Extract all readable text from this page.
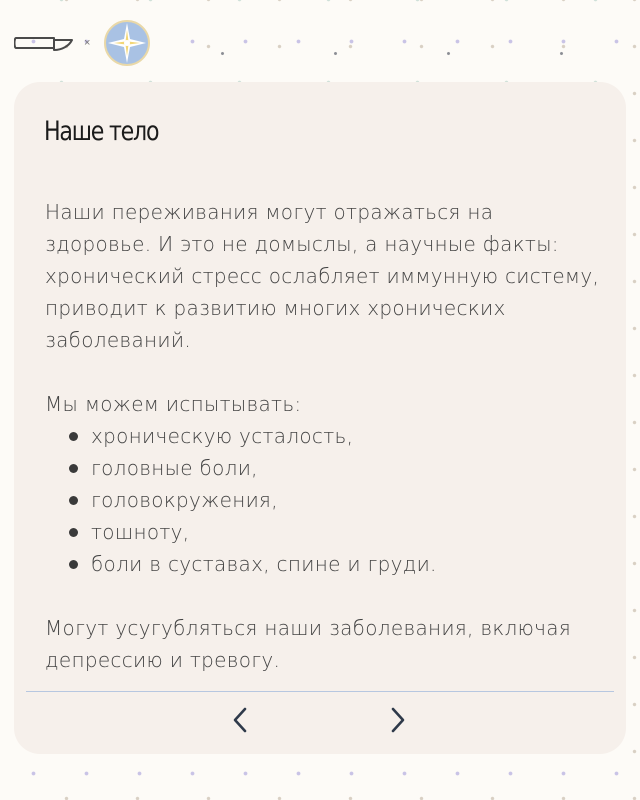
×
Наше тело

Наши переживания могут отражаться на здоровье. И это не домыслы, а научные факты: хронический стресс ослабляет иммунную систему, приводит к развитию многих хронических заболеваний.

Мы можем испытывать:

хроническую усталость,
головные боли,
головокружения,
тошноту,
боли в суставах, спине и груди.

Могут усугубляться наши заболевания, включая депрессию и тревогу.
